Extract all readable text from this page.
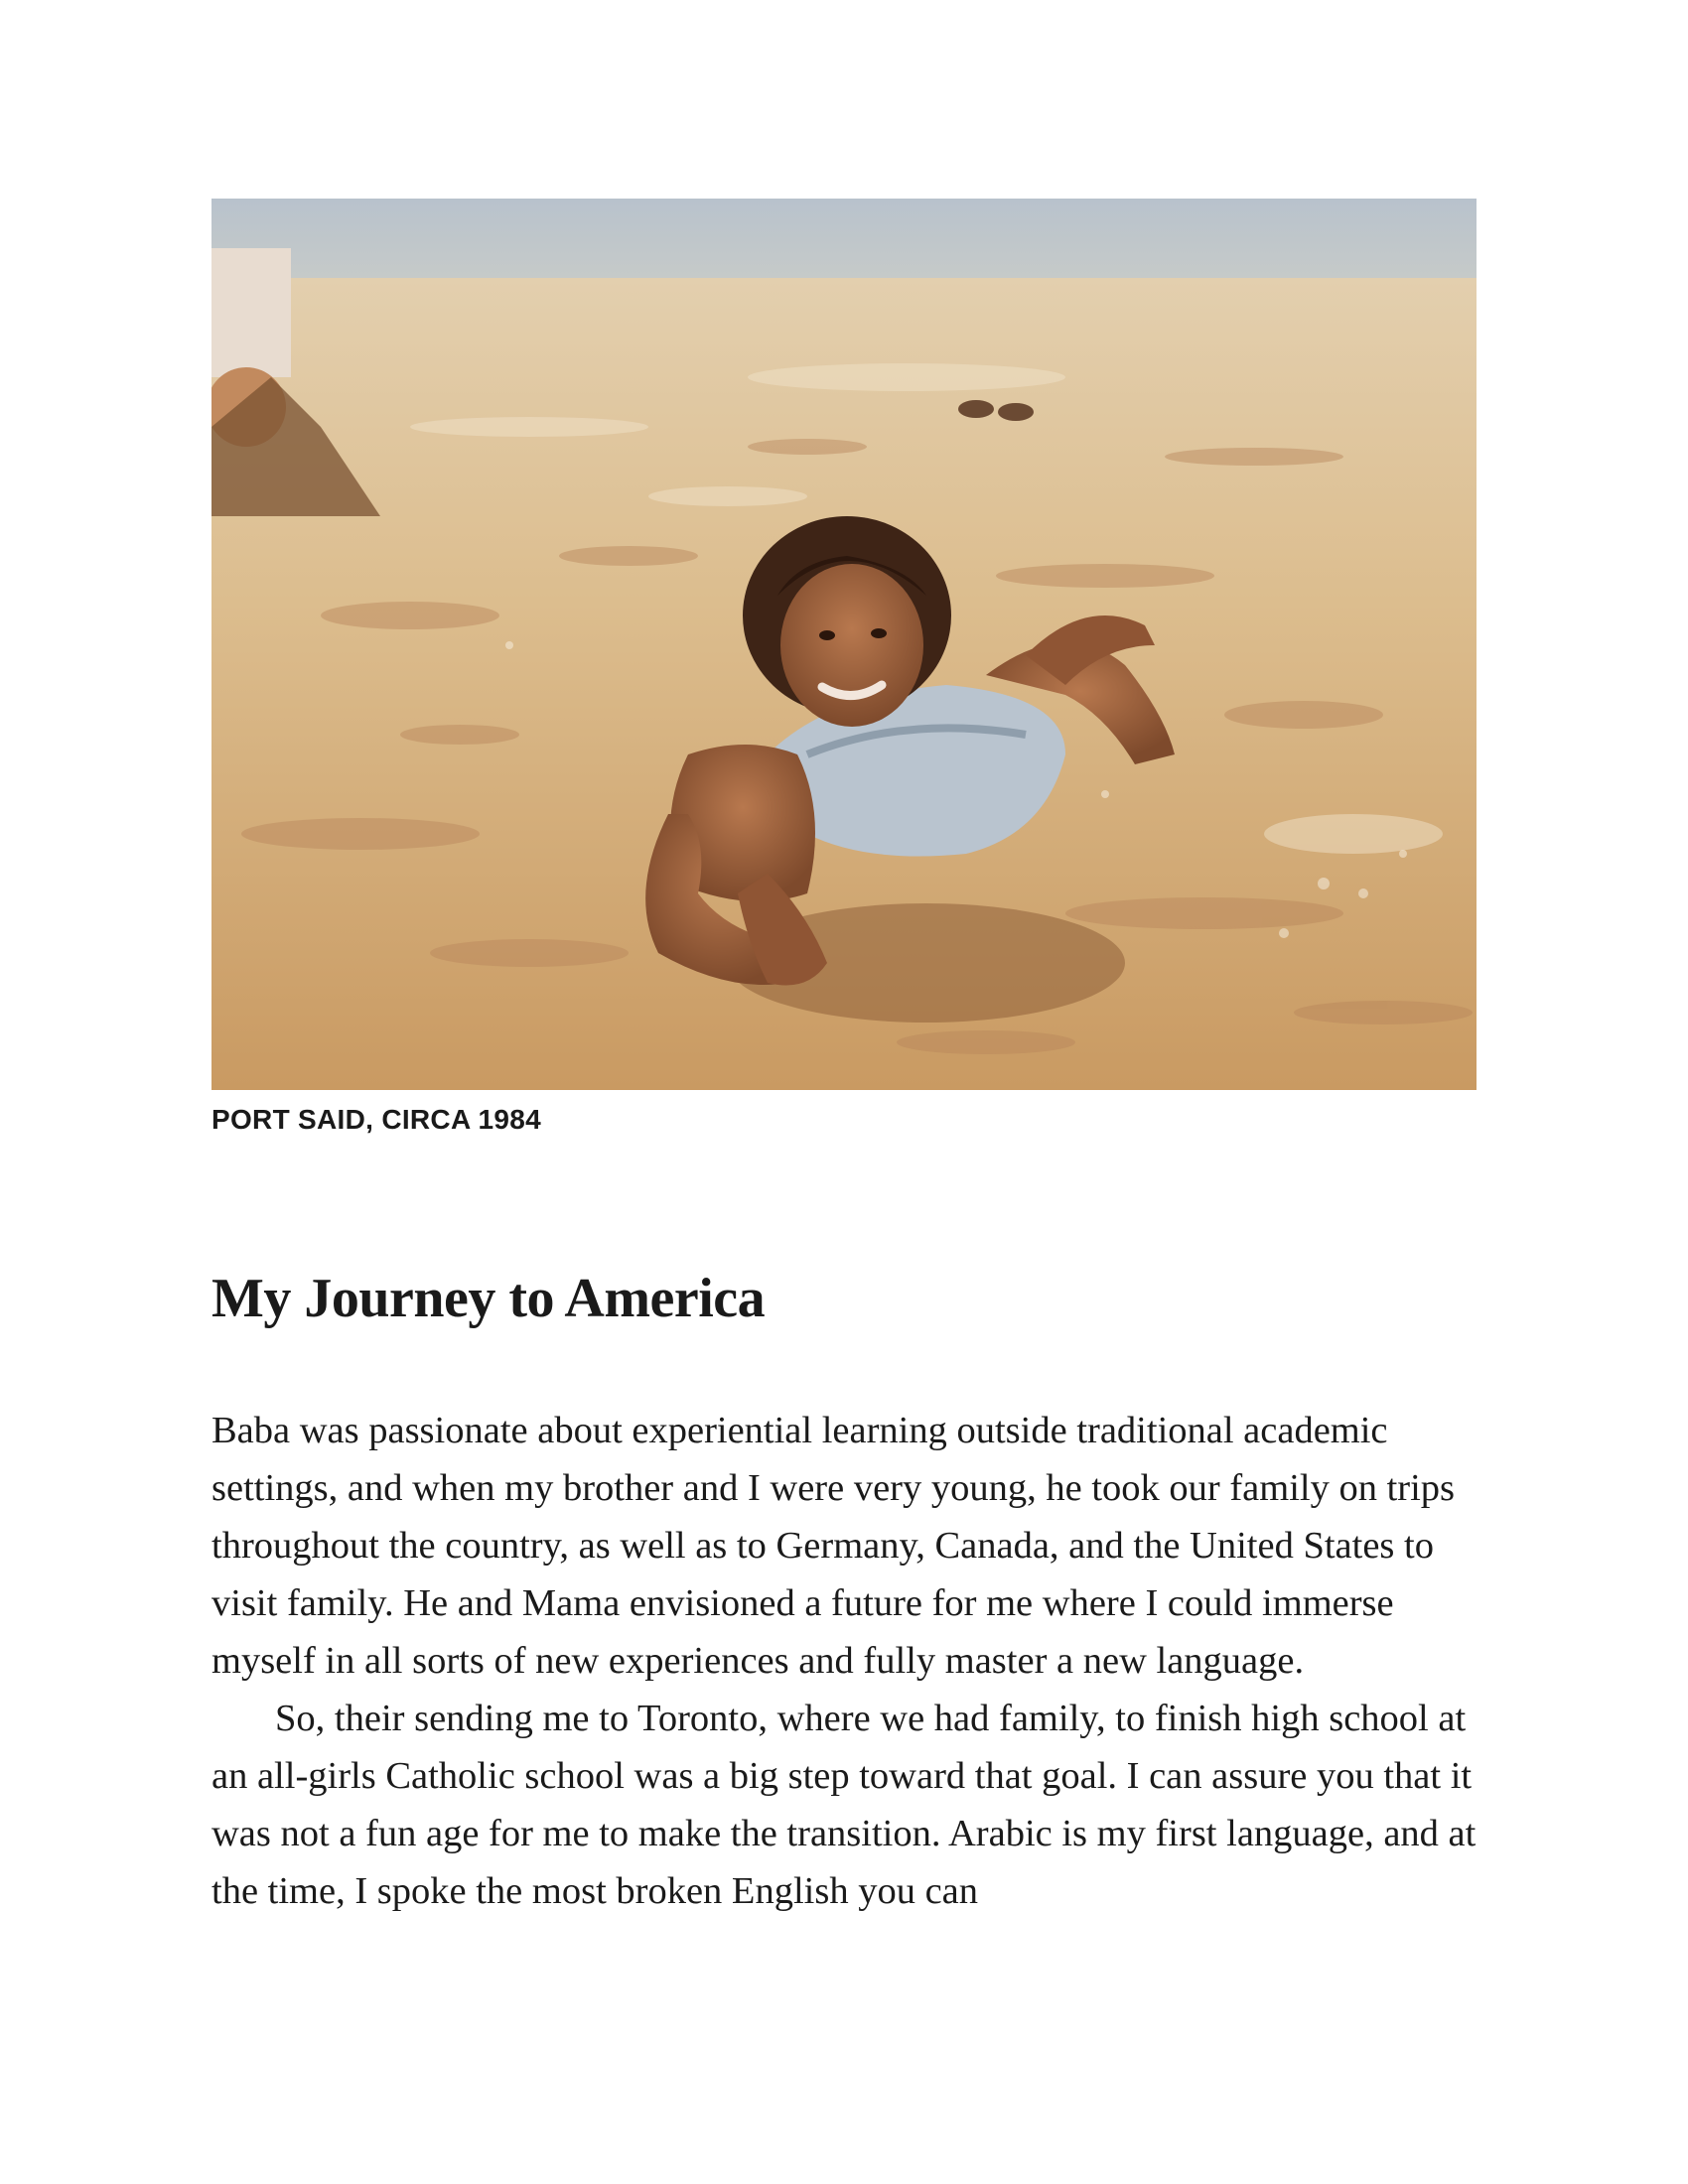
PORT SAID, CIRCA 1984
My Journey to America

Baba was passionate about experiential learning outside traditional academic settings, and when my brother and I were very young, he took our family on trips throughout the country, as well as to Germany, Canada, and the United States to visit family. He and Mama envisioned a future for me where I could immerse myself in all sorts of new experiences and fully master a new language.

So, their sending me to Toronto, where we had family, to finish high school at an all-girls Catholic school was a big step toward that goal. I can assure you that it was not a fun age for me to make the transition. Arabic is my first language, and at the time, I spoke the most broken English you can
